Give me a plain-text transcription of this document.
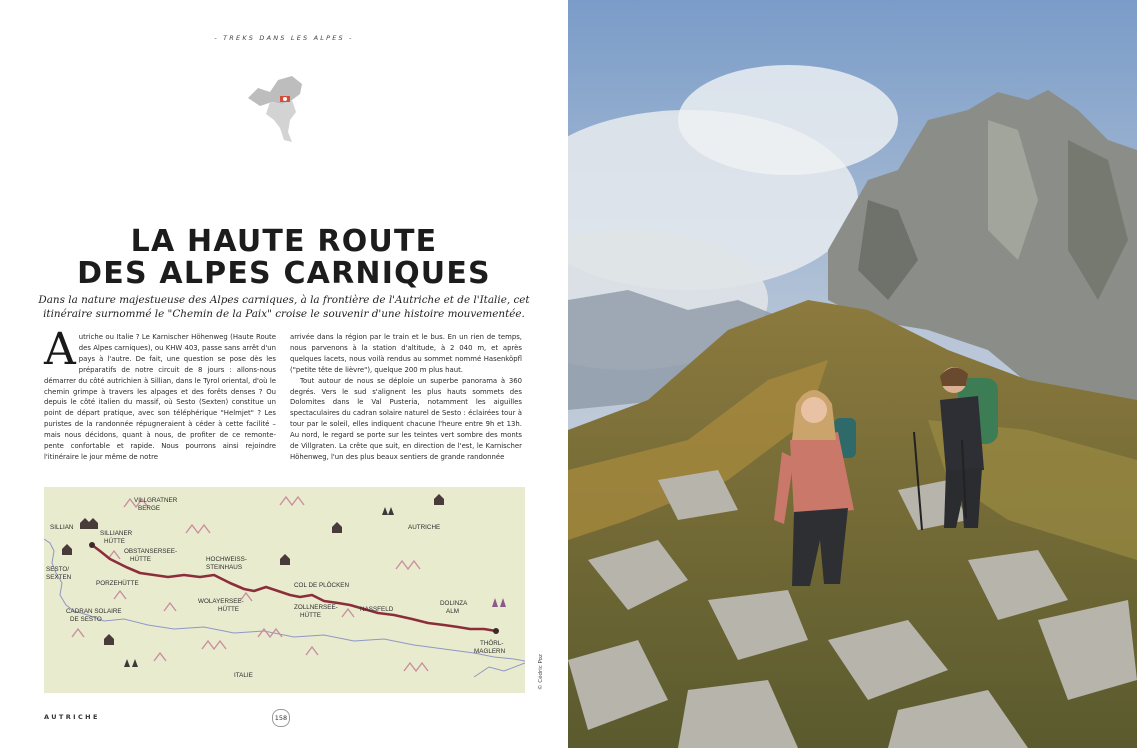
- TREKS DANS LES ALPES -
LA HAUTE ROUTE
DES ALPES CARNIQUES
Dans la nature majestueuse des Alpes carniques, à la frontière de l'Autriche et de l'Italie, cet itinéraire surnommé le "Chemin de la Paix" croise le souvenir d'une histoire mouvementée.
A utriche ou Italie ? Le Karnischer Höhenweg (Haute Route des Alpes carniques), ou KHW 403, passe sans arrêt d'un pays à l'autre. De fait, une question se pose dès les préparatifs de notre circuit de 8 jours : allons-nous démarrer du côté autrichien à Sillian, dans le Tyrol oriental, d'où le chemin grimpe à travers les alpages et des forêts denses ? Ou depuis le côté italien du massif, où Sesto (Sexten) constitue un point de départ pratique, avec son téléphérique "Helmjet" ? Les puristes de la randonnée répugneraient à céder à cette facilité – mais nous décidons, quant à nous, de profiter de ce remonte-pente confortable et rapide. Nous pourrons ainsi rejoindre l'itinéraire le jour même de notre

arrivée dans la région par le train et le bus. En un rien de temps, nous parvenons à la station d'altitude, à 2 040 m, et après quelques lacets, nous voilà rendus au sommet nommé Hasenköpfl ("petite tête de lièvre"), quelque 200 m plus haut.

Tout autour de nous se déploie un superbe panorama à 360 degrés. Vers le sud s'alignent les plus hauts sommets des Dolomites dans le Val Pusteria, notamment les aiguilles spectaculaires du cadran solaire naturel de Sesto : éclairées tour à tour par le soleil, elles indiquent chacune l'heure entre 9h et 13h. Au nord, le regard se porte sur les teintes vert sombre des monts de Villgraten. La crête que suit, en direction de l'est, le Karnischer Höhenweg, l'un des plus beaux sentiers de grande randonnée

VILLGRATNER
BERGE
SILLIAN
SILLIANER
HÜTTE
OBSTANSERSEE-
HÜTTE
AUTRICHE
SESTO/
SEXTEN
PORZEHÜTTE
HOCHWEISS-
STEINHAUS
COL DE PLÖCKEN
WOLAYERSEE-
HÜTTE	ZOLLNERSEE-
HÜTTE
NASSFELD
DOLINZA
ALM
CADRAN SOLAIRE
DE SESTO
THÖRL-
MAGLERN
ITALIE
AUTRICHE	158
© Cédric Poz
